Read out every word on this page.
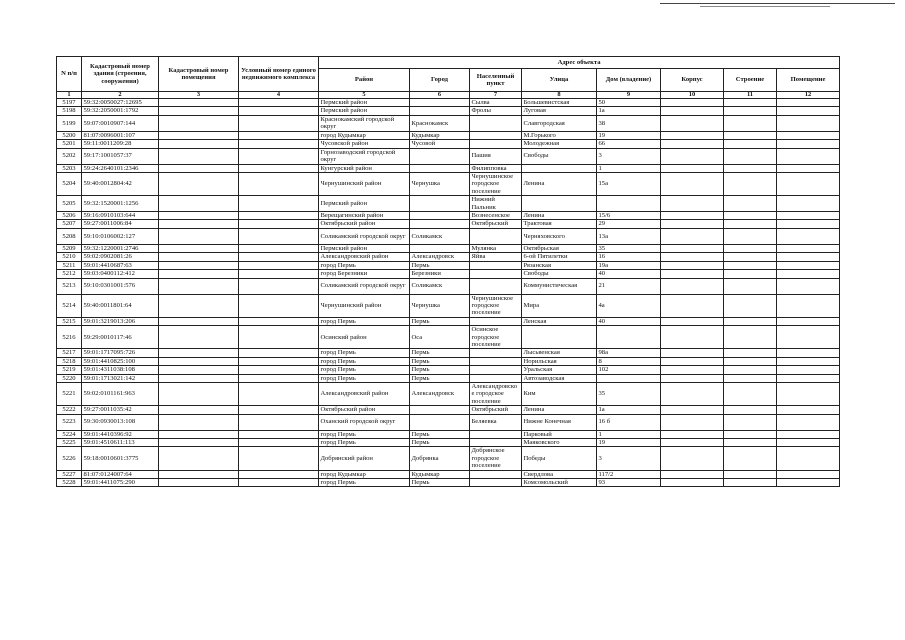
N п/п	Кадастровый номер здания (строения, сооружения)	Кадастровый номер помещения	Условный номер единого недвижимого комплекса	Адрес объекта							
				Район	Город	Населенный пункт	Улица	Дом (владение)	Корпус	Строение	Помещение
1	2	3	4	5	6	7	8	9	10	11	12
5197	59:32:0050027:12695			Пермский район		Сылва	Большевистская	50			
5198	59:32:2050001:1792			Пермский район		Фролы	Луговая	1а			
5199	59:07:0010907:144			Краснокамский городской округ	Краснокамск		Славгородская	38			
5200	81:07:0096001:107			город Кудымкар	Кудымкар		М.Горького	19			
5201	59:11:0011209:28			Чусовской район	Чусовой		Молодежная	66			
5202	59:17:1001057:37			Горнозаводский городской округ		Пашия	Свободы	3			
5203	59:24:2640101:2346			Кунгурский район		Филипповка		1			
5204	59:40:0012804:42			Чернушинский район	Чернушка	Чернушинское городское поселение	Ленина	15а			
5205	59:32:1520001:1256			Пермский район		Нижний Пальник					
5206	59:16:0910103:644			Верещагинский район		Вознесенское	Ленина	15/6			
5207	59:27:0011006:84			Октябрьский район		Октябрьский	Трактовая	29			
5208	59:10:0106002:127			Соликамский городской округ	Соликамск		Черняховского	13а			
5209	59:32:1220001:2746			Пермский район		Мулянка	Октябрьская	35			
5210	59:02:0902081:26			Александровский район	Александровск	Яйва	6-ой Пятилетки	16			
5211	59:01:4410687:63			город Пермь	Пермь		Рязанская	19а			
5212	59:03:0400112:412			город Березники	Березники		Свободы	40			
5213	59:10:0301001:576			Соликамский городской округ	Соликамск		Коммунистическая	21			
5214	59:40:0011801:64			Чернушинский район	Чернушка	Чернушинское городское поселение	Мира	4а			
5215	59:01:3219013:206			город Пермь	Пермь		Ленская	40			
5216	59:29:0010117:46			Осинский район	Оса	Осинское городское поселение					
5217	59:01:1717095:726			город Пермь	Пермь		Лысьвенская	98а			
5218	59:01:4410825:100			город Пермь	Пермь		Норильская	8			
5219	59:01:4311038:108			город Пермь	Пермь		Уральская	102			
5220	59:01:1713021:142			город Пермь	Пермь		Автозаводская				
5221	59:02:0101161:963			Александровский район	Александровск	Александровское городское поселение	Ким	35			
5222	59:27:0011035:42			Октябрьский район		Октябрьский	Ленина	1а			
5223	59:30:0930013:108			Оханский городской округ		Беляевка	Нижне Конечная	16 б			
5224	59:01:4410396:92			город Пермь	Пермь		Парковый	1			
5225	59:01:4510611:113			город Пермь	Пермь		Маяковского	19			
5226	59:18:0010601:3775			Добрянский район	Добрянка	Добрянское городское поселение	Победы	3			
5227	81:07:0124007:64			город Кудымкар	Кудымкар		Свердлова	117/2			
5228	59:01:4411075:290			город Пермь	Пермь		Комсомольский	93			
